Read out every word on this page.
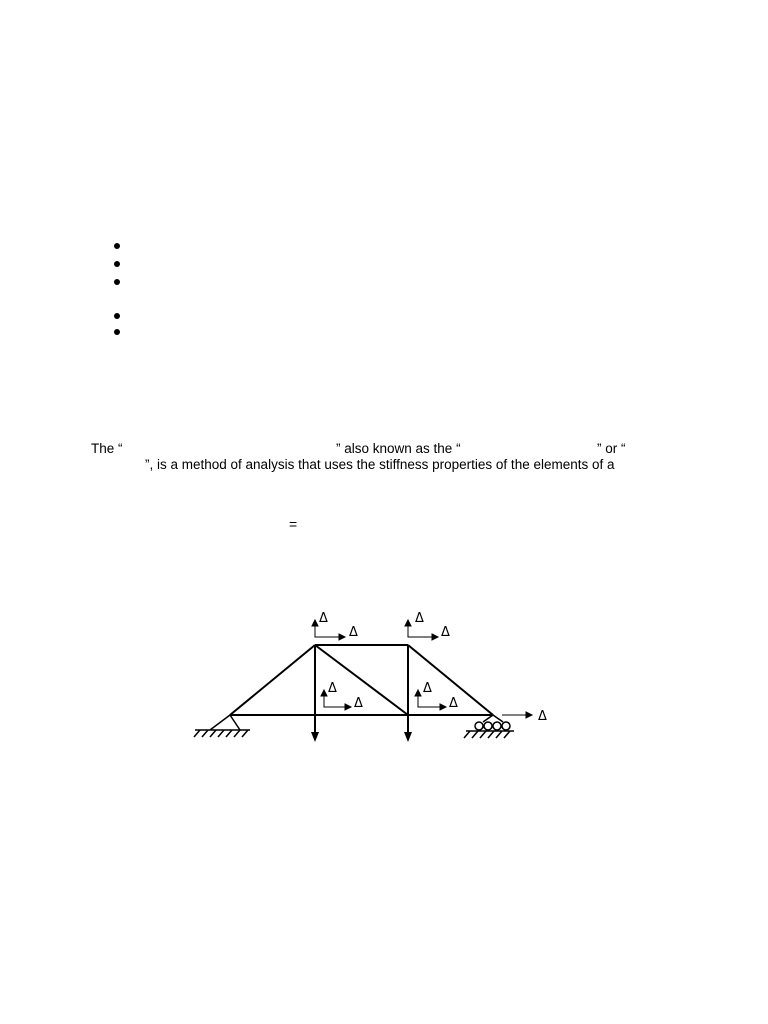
The “	” also known as the “	” or “
”, is a method of analysis that uses the stiffness properties of the elements of a
=
Δ
Δ
Δ
Δ
Δ
Δ
Δ
Δ
Δ
